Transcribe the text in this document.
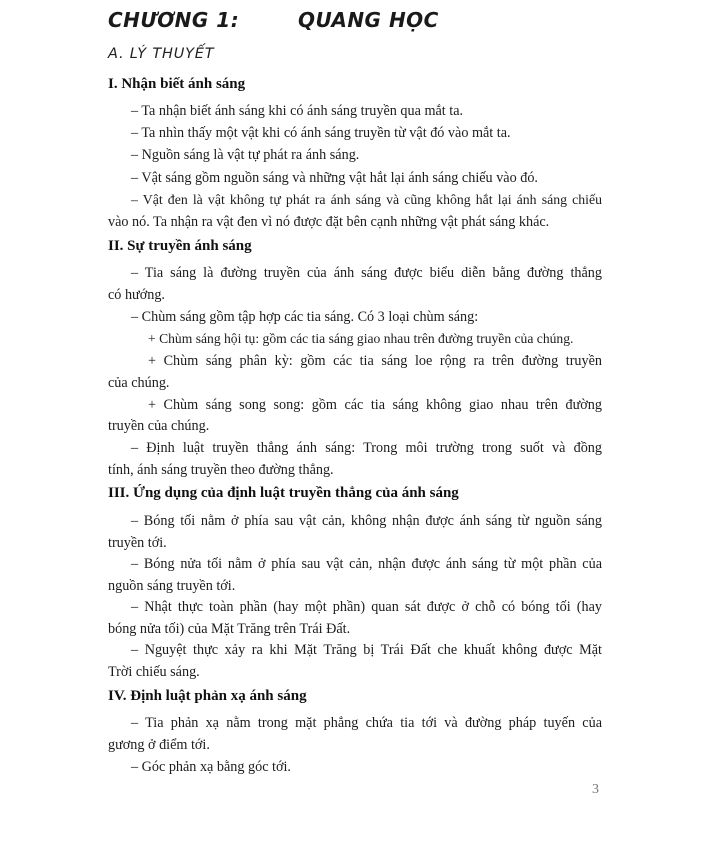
CHƯƠNG 1:	QUANG HỌC
A. LÝ THUYẾT
I. Nhận biết ánh sáng
– Ta nhận biết ánh sáng khi có ánh sáng truyền qua mắt ta.
– Ta nhìn thấy một vật khi có ánh sáng truyền từ vật đó vào mắt ta.
– Nguồn sáng là vật tự phát ra ánh sáng.
– Vật sáng gồm nguồn sáng và những vật hắt lại ánh sáng chiếu vào đó.
– Vật đen là vật không tự phát ra ánh sáng và cũng không hắt lại ánh sáng chiếu
vào nó. Ta nhận ra vật đen vì nó được đặt bên cạnh những vật phát sáng khác.
II. Sự truyền ánh sáng
– Tia sáng là đường truyền của ánh sáng được biểu diễn bằng đường thẳng
có hướng.
– Chùm sáng gồm tập hợp các tia sáng. Có 3 loại chùm sáng:
+ Chùm sáng hội tụ: gồm các tia sáng giao nhau trên đường truyền của chúng.
+ Chùm sáng phân kỳ: gồm các tia sáng loe rộng ra trên đường truyền
của chúng.
+ Chùm sáng song song: gồm các tia sáng không giao nhau trên đường
truyền của chúng.
– Định luật truyền thẳng ánh sáng: Trong môi trường trong suốt và đồng
tính, ánh sáng truyền theo đường thẳng.
III. Ứng dụng của định luật truyền thẳng của ánh sáng
– Bóng tối nằm ở phía sau vật cản, không nhận được ánh sáng từ nguồn sáng
truyền tới.
– Bóng nửa tối nằm ở phía sau vật cản, nhận được ánh sáng từ một phần của
nguồn sáng truyền tới.
– Nhật thực toàn phần (hay một phần) quan sát được ở chỗ có bóng tối (hay
bóng nửa tối) của Mặt Trăng trên Trái Đất.
– Nguyệt thực xảy ra khi Mặt Trăng bị Trái Đất che khuất không được Mặt
Trời chiếu sáng.
IV. Định luật phản xạ ánh sáng
– Tia phản xạ nằm trong mặt phẳng chứa tia tới và đường pháp tuyến của
gương ở điểm tới.
– Góc phản xạ bằng góc tới.
3
